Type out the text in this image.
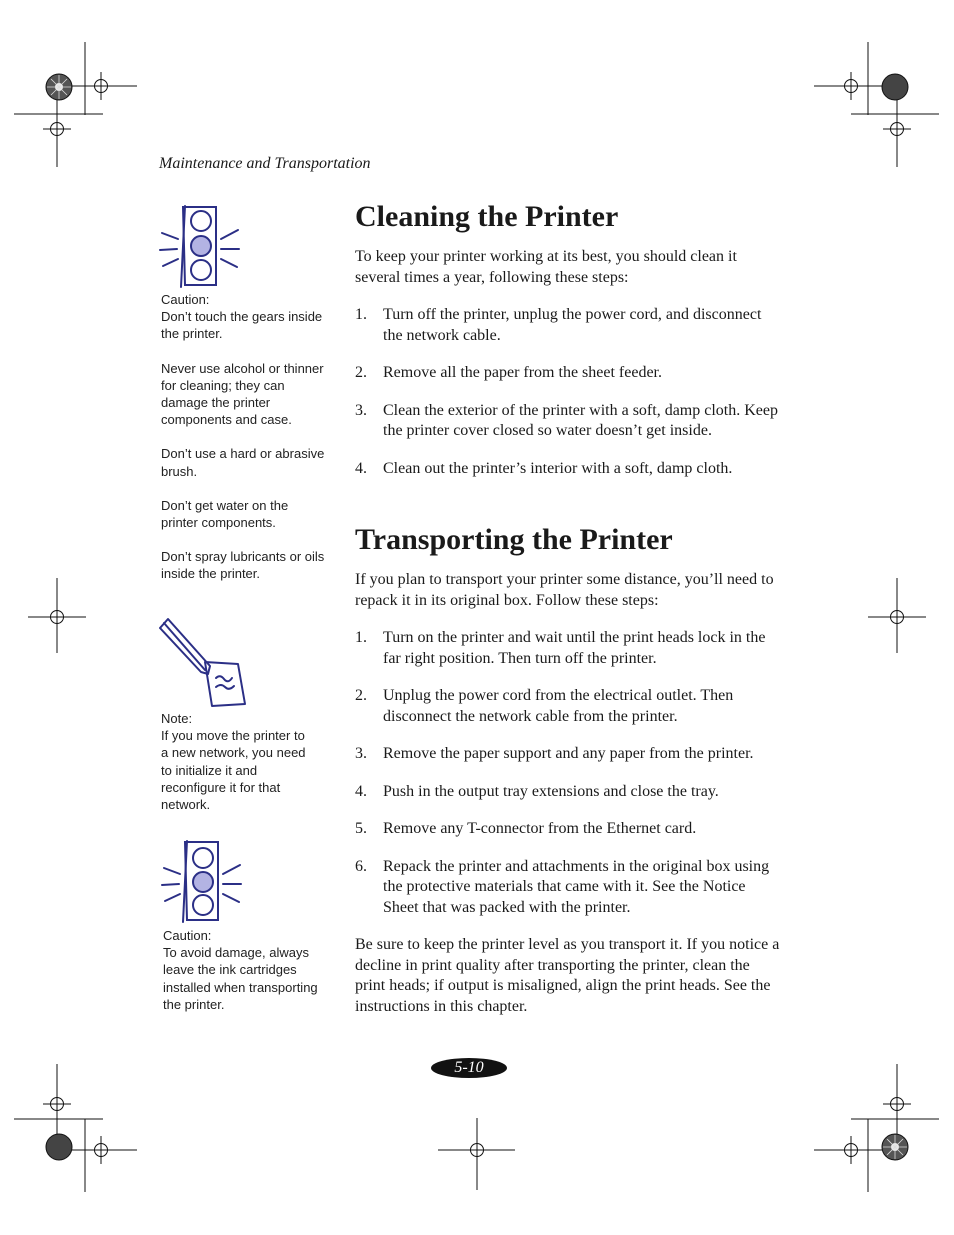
Maintenance and Transportation

Caution:

Don’t touch the gears inside the printer.

Never use alcohol or thinner for cleaning; they can damage the printer components and case.

Don’t use a hard or abrasive brush.

Don’t get water on the printer components.

Don’t spray lubricants or oils inside the printer.

Note:

If you move the printer to a new network, you need to initialize it and reconfigure it for that network.

Caution:

To avoid damage, always leave the ink cartridges installed when transporting the printer.

Cleaning the Printer

To keep your printer working at its best, you should clean it several times a year, following these steps:

1. Turn off the printer, unplug the power cord, and disconnect the network cable.
2. Remove all the paper from the sheet feeder.
3. Clean the exterior of the printer with a soft, damp cloth. Keep the printer cover closed so water doesn’t get inside.
4. Clean out the printer’s interior with a soft, damp cloth.
Transporting the Printer

If you plan to transport your printer some distance, you’ll need to repack it in its original box. Follow these steps:

1. Turn on the printer and wait until the print heads lock in the far right position. Then turn off the printer.
2. Unplug the power cord from the electrical outlet. Then disconnect the network cable from the printer.
3. Remove the paper support and any paper from the printer.
4. Push in the output tray extensions and close the tray.
5. Remove any T-connector from the Ethernet card.
6. Repack the printer and attachments in the original box using the protective materials that came with it. See the Notice Sheet that was packed with the printer.

Be sure to keep the printer level as you transport it. If you notice a decline in print quality after transporting the printer, clean the print heads; if output is misaligned, align the print heads. See the instructions in this chapter.

5-10
